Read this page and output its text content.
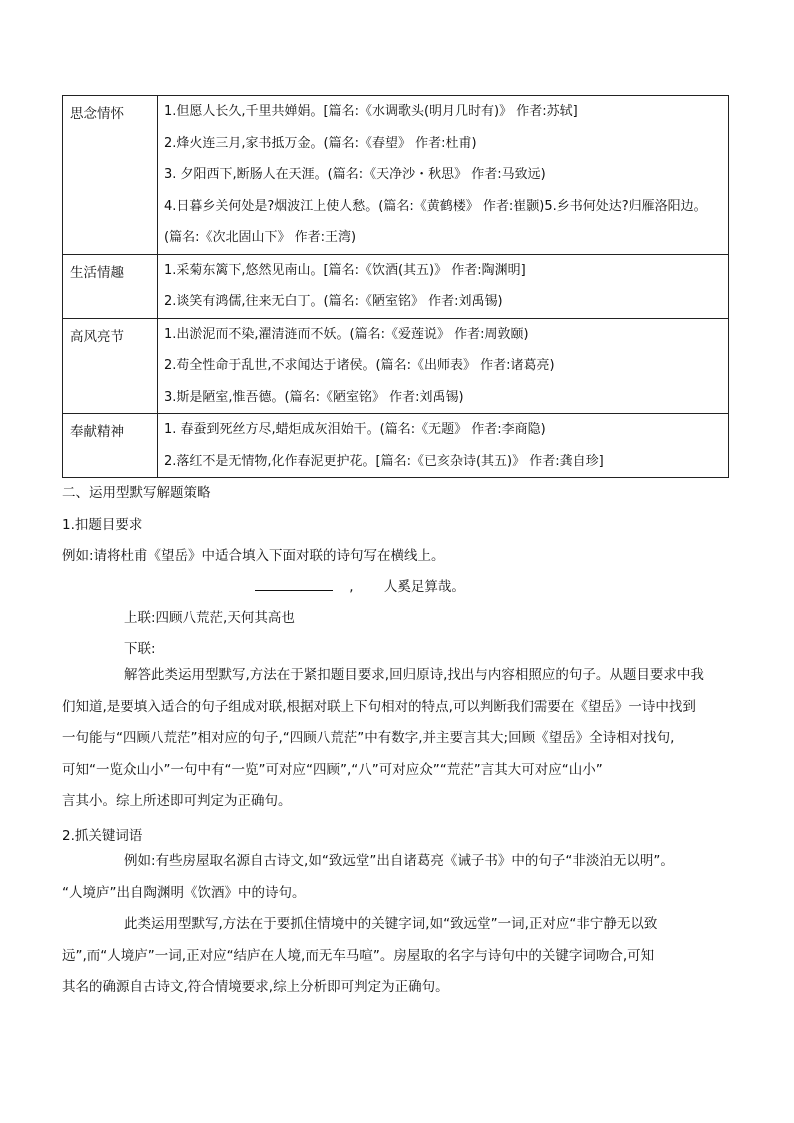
思念情怀	1.但愿人长久,千里共婵娟。[篇名:《水调歌头(明月几时有)》 作者:苏轼]
2.烽火连三月,家书抵万金。(篇名:《春望》 作者:杜甫)
3. 夕阳西下,断肠人在天涯。(篇名:《天净沙・秋思》 作者:马致远)
4.日暮乡关何处是?烟波江上使人愁。(篇名:《黄鹤楼》 作者:崔颢)5.乡书何处达?归雁洛阳边。
(篇名:《次北固山下》 作者:王湾)

生活情趣	1.采菊东篱下,悠然见南山。[篇名:《饮酒(其五)》 作者:陶渊明]
2.谈笑有鸿儒,往来无白丁。(篇名:《陋室铭》 作者:刘禹锡)

高风亮节	1.出淤泥而不染,濯清涟而不妖。(篇名:《爱莲说》 作者:周敦颐)
2.苟全性命于乱世,不求闻达于诸侯。(篇名:《出师表》 作者:诸葛亮)
3.斯是陋室,惟吾德。(篇名:《陋室铭》 作者:刘禹锡)

奉献精神	1. 春蚕到死丝方尽,蜡炬成灰泪始干。(篇名:《无题》 作者:李商隐)
2.落红不是无情物,化作春泥更护花。[篇名:《已亥杂诗(其五)》 作者:龚自珍]
二、运用型默写解题策略
1.扣题目要求
例如:请将杜甫《望岳》中适合填入下面对联的诗句写在横线上。
, 人奚足算哉。
上联:四顾八荒茫,天何其高也
下联:
解答此类运用型默写,方法在于紧扣题目要求,回归原诗,找出与内容相照应的句子。从题目要求中我
们知道,是要填入适合的句子组成对联,根据对联上下句相对的特点,可以判断我们需要在《望岳》一诗中找到
一句能与“四顾八荒茫”相对应的句子,“四顾八荒茫”中有数字,并主要言其大;回顾《望岳》全诗相对找句,
可知“一览众山小”一句中有“一览”可对应“四顾”,“八”可对应众”“荒茫”言其大可对应“山小”
言其小。综上所述即可判定为正确句。
2.抓关键词语
例如:有些房屋取名源自古诗文,如“致远堂”出自诸葛亮《诫子书》中的句子“非淡泊无以明”。
“人境庐”出自陶渊明《饮酒》中的诗句。
此类运用型默写,方法在于要抓住情境中的关键字词,如“致远堂”一词,正对应“非宁静无以致
远”,而“人境庐”一词,正对应“结庐在人境,而无车马喧”。房屋取的名字与诗句中的关键字词吻合,可知
其名的确源自古诗文,符合情境要求,综上分析即可判定为正确句。
